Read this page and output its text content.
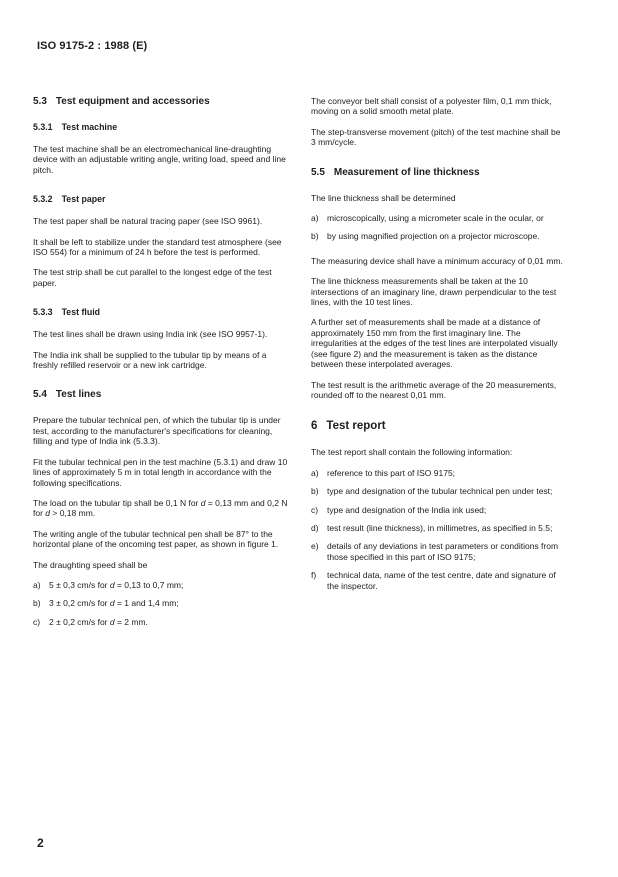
ISO 9175-2 : 1988 (E)
5.3 Test equipment and accessories
5.3.1 Test machine

The test machine shall be an electromechanical line-draughting device with an adjustable writing angle, writing load, speed and line pitch.

5.3.2 Test paper

The test paper shall be natural tracing paper (see ISO 9961).

It shall be left to stabilize under the standard test atmosphere (see ISO 554) for a minimum of 24 h before the test is performed.

The test strip shall be cut parallel to the longest edge of the test paper.

5.3.3 Test fluid

The test lines shall be drawn using India ink (see ISO 9957-1).

The India ink shall be supplied to the tubular tip by means of a freshly refilled reservoir or a new ink cartridge.

5.4 Test lines

Prepare the tubular technical pen, of which the tubular tip is under test, according to the manufacturer's specifications for cleaning, filling and type of India ink (5.3.3).

Fit the tubular technical pen in the test machine (5.3.1) and draw 10 lines of approximately 5 m in total length in accordance with the following specifications.

The load on the tubular tip shall be 0,1 N for d = 0,13 mm and 0,2 N for d > 0,18 mm.

The writing angle of the tubular technical pen shall be 87° to the horizontal plane of the oncoming test paper, as shown in figure 1.

The draughting speed shall be

a) 5 ± 0,3 cm/s for d = 0,13 to 0,7 mm;
b) 3 ± 0,2 cm/s for d = 1 and 1,4 mm;
c)	2 ± 0,2 cm/s for d = 2 mm.

The conveyor belt shall consist of a polyester film, 0,1 mm thick, moving on a solid smooth metal plate.

The step-transverse movement (pitch) of the test machine shall be 3 mm/cycle.

5.5 Measurement of line thickness

The line thickness shall be determined

a) microscopically, using a micrometer scale in the ocular, or
b) by using magnified projection on a projector microscope.

The measuring device shall have a minimum accuracy of 0,01 mm.

The line thickness measurements shall be taken at the 10 intersections of an imaginary line, drawn perpendicular to the test lines, with the 10 test lines.

A further set of measurements shall be made at a distance of approximately 150 mm from the first imaginary line. The irregularities at the edges of the test lines are interpolated visually (see figure 2) and the measurement is taken as the distance between these interpolated averages.

The test result is the arithmetic average of the 20 measurements, rounded off to the nearest 0,01 mm.

6 Test report

The test report shall contain the following information:

a) reference to this part of ISO 9175;
b) type and designation of the tubular technical pen under test;
c)	type and designation of the India ink used;
d) test result (line thickness), in millimetres, as specified in 5.5;
e) details of any deviations in test parameters or conditions from those specified in this part of ISO 9175;
f)	technical data, name of the test centre, date and signature of the inspector.
2
